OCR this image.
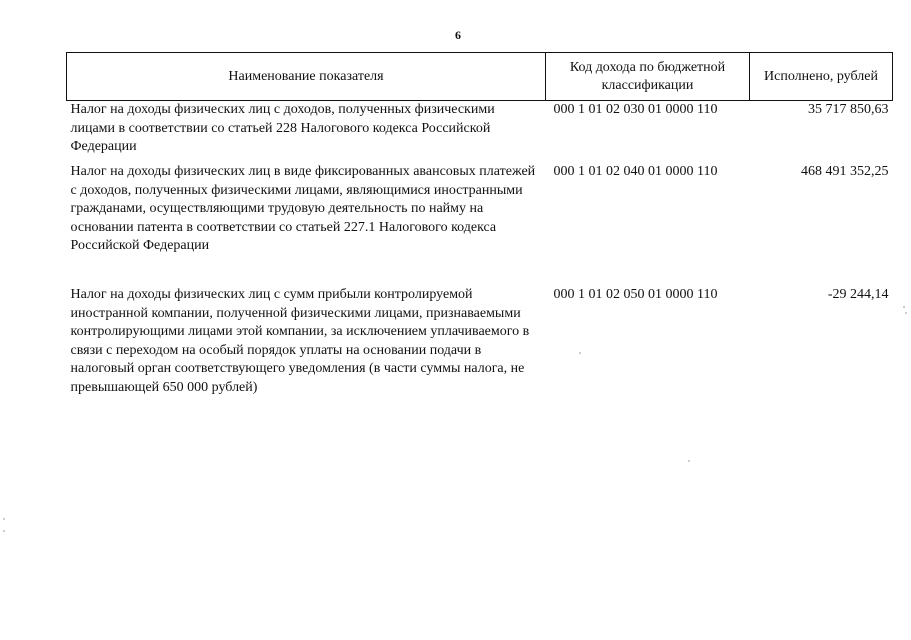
6
Наименование показателя	Код дохода по бюджетной классификации	Исполнено, рублей
Налог на доходы физических лиц с доходов, полученных физическими лицами в соответствии со статьей 228 Налогового кодекса Российской Федерации	000 1 01 02 030 01 0000 110	35 717 850,63
Налог на доходы физических лиц в виде фиксированных авансовых платежей с доходов, полученных физическими лицами, являющимися иностранными гражданами, осуществляющими трудовую деятельность по найму на основании патента в соответствии со статьей 227.1 Налогового кодекса Российской Федерации	000 1 01 02 040 01 0000 110	468 491 352,25
Налог на доходы физических лиц с сумм прибыли контролируемой иностранной компании, полученной физическими лицами, признаваемыми контролирующими лицами этой компании, за исключением уплачиваемого в связи с переходом на особый порядок уплаты на основании подачи в налоговый орган соответствующего уведомления (в части суммы налога, не превышающей 650 000 рублей)	000 1 01 02 050 01 0000 110	-29 244,14
